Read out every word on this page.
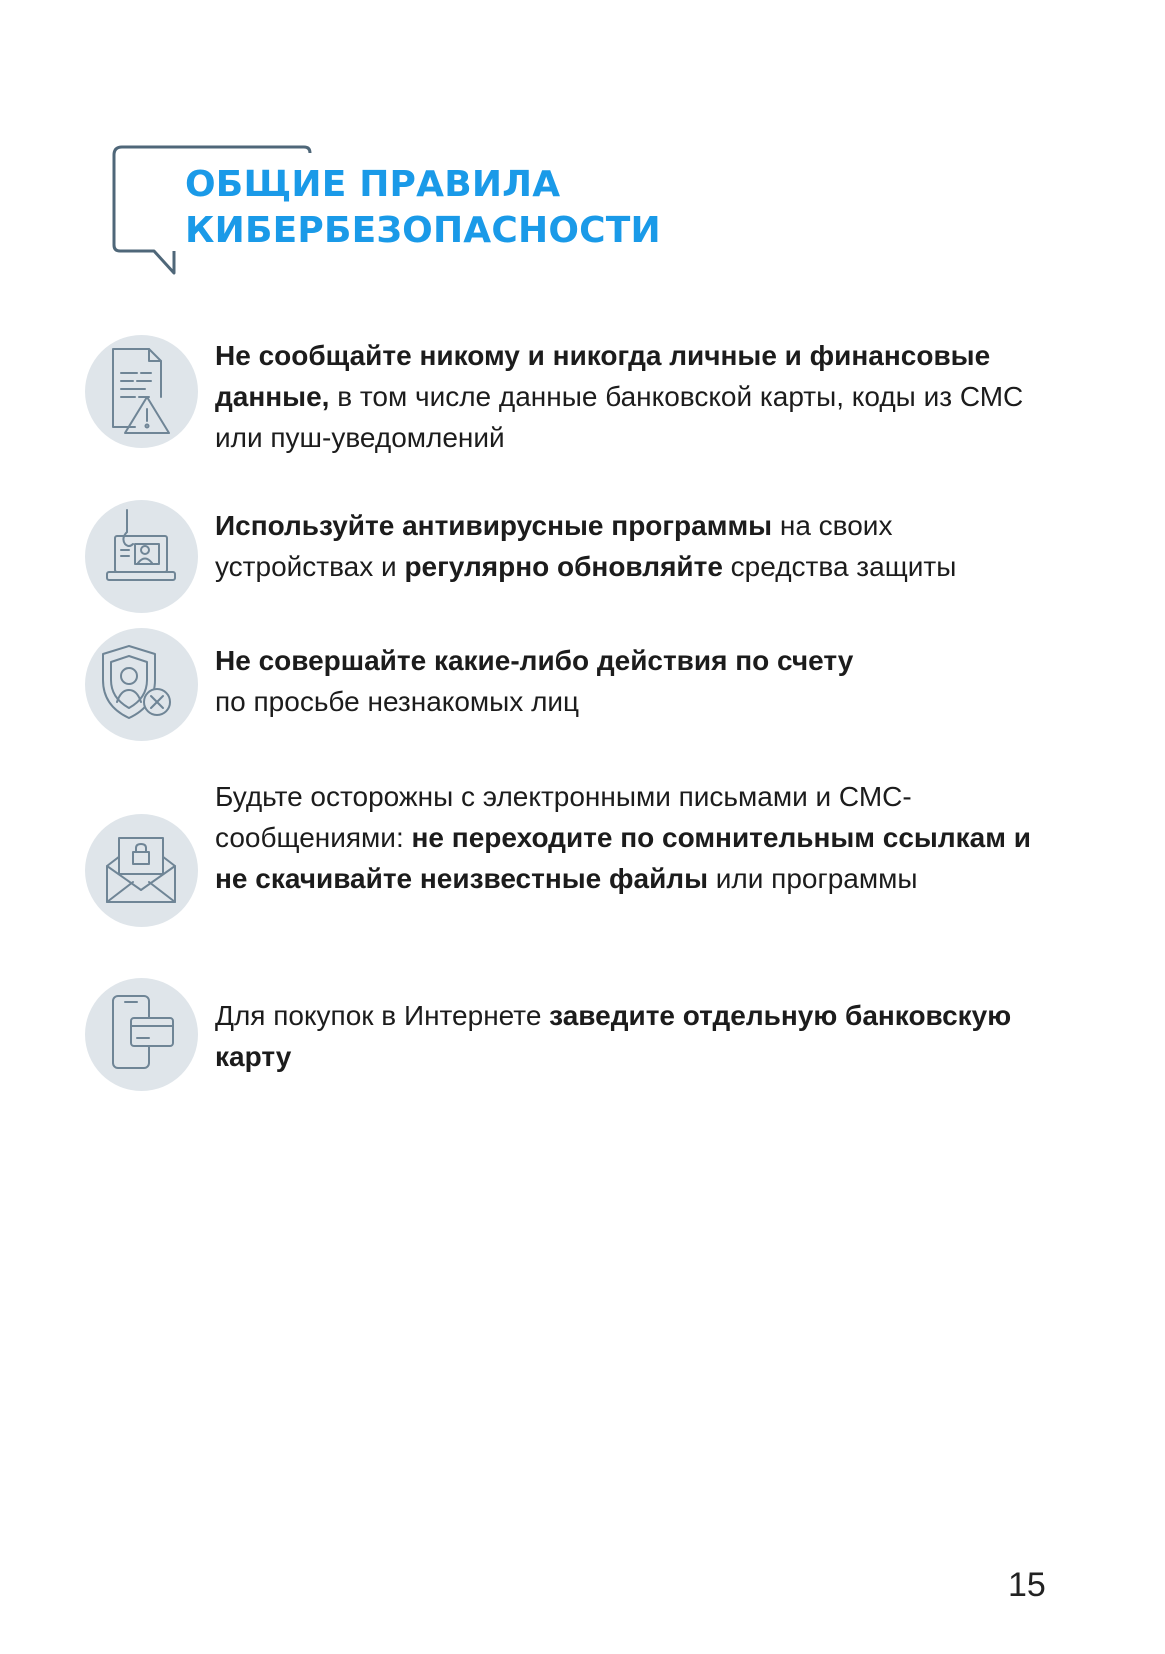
ОБЩИЕ ПРАВИЛА
КИБЕРБЕЗОПАСНОСТИ
Не сообщайте никому и никогда личные и финансовые данные, в том числе данные банковской карты, коды из СМС или пуш-уведомлений
Используйте антивирусные программы на своих устройствах и регулярно обновляйте средства защиты
Не совершайте какие-либо действия по счету
по просьбе незнакомых лиц
Будьте осторожны с электронными письмами и СМС-сообщениями: не переходите по сомнительным ссылкам и не скачивайте неизвестные файлы или программы
Для покупок в Интернете заведите отдельную банковскую карту
15
